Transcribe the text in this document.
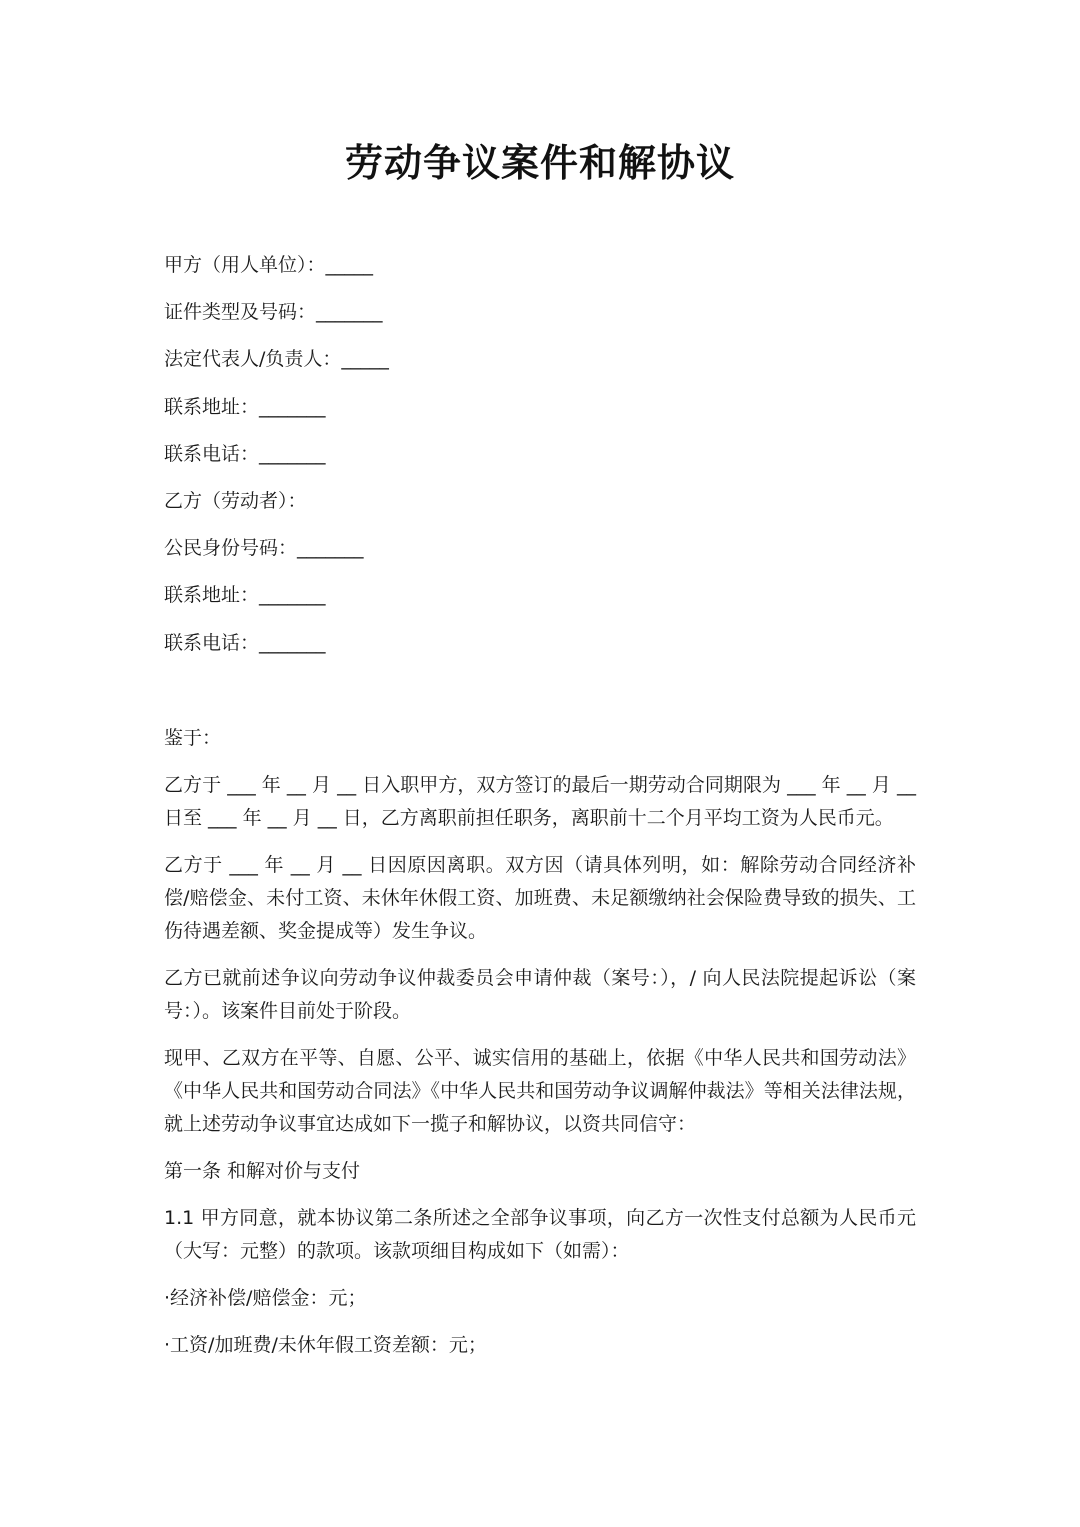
劳动争议案件和解协议
甲方（用人单位）：_____
证件类型及号码：_______
法定代表人/负责人：_____
联系地址：_______
联系电话：_______
乙方（劳动者）：
公民身份号码：_______
联系地址：_______
联系电话：_______

鉴于：

乙方于 ___ 年 __ 月 __ 日入职甲方，双方签订的最后一期劳动合同期限为 ___ 年 __ 月 __ 日至 ___ 年 __ 月 __ 日，乙方离职前担任职务，离职前十二个月平均工资为人民币元。

乙方于 ___ 年 __ 月 __ 日因原因离职。双方因（请具体列明，如：解除劳动合同经济补偿/赔偿金、未付工资、未休年休假工资、加班费、未足额缴纳社会保险费导致的损失、工伤待遇差额、奖金提成等）发生争议。

乙方已就前述争议向劳动争议仲裁委员会申请仲裁（案号：），/ 向人民法院提起诉讼（案号：）。该案件目前处于阶段。

现甲、乙双方在平等、自愿、公平、诚实信用的基础上，依据《中华人民共和国劳动法》《中华人民共和国劳动合同法》《中华人民共和国劳动争议调解仲裁法》等相关法律法规，就上述劳动争议事宜达成如下一揽子和解协议，以资共同信守：

第一条 和解对价与支付

1.1 甲方同意，就本协议第二条所述之全部争议事项，向乙方一次性支付总额为人民币元（大写：元整）的款项。该款项细目构成如下（如需）：

·经济补偿/赔偿金：元；

·工资/加班费/未休年假工资差额：元；
